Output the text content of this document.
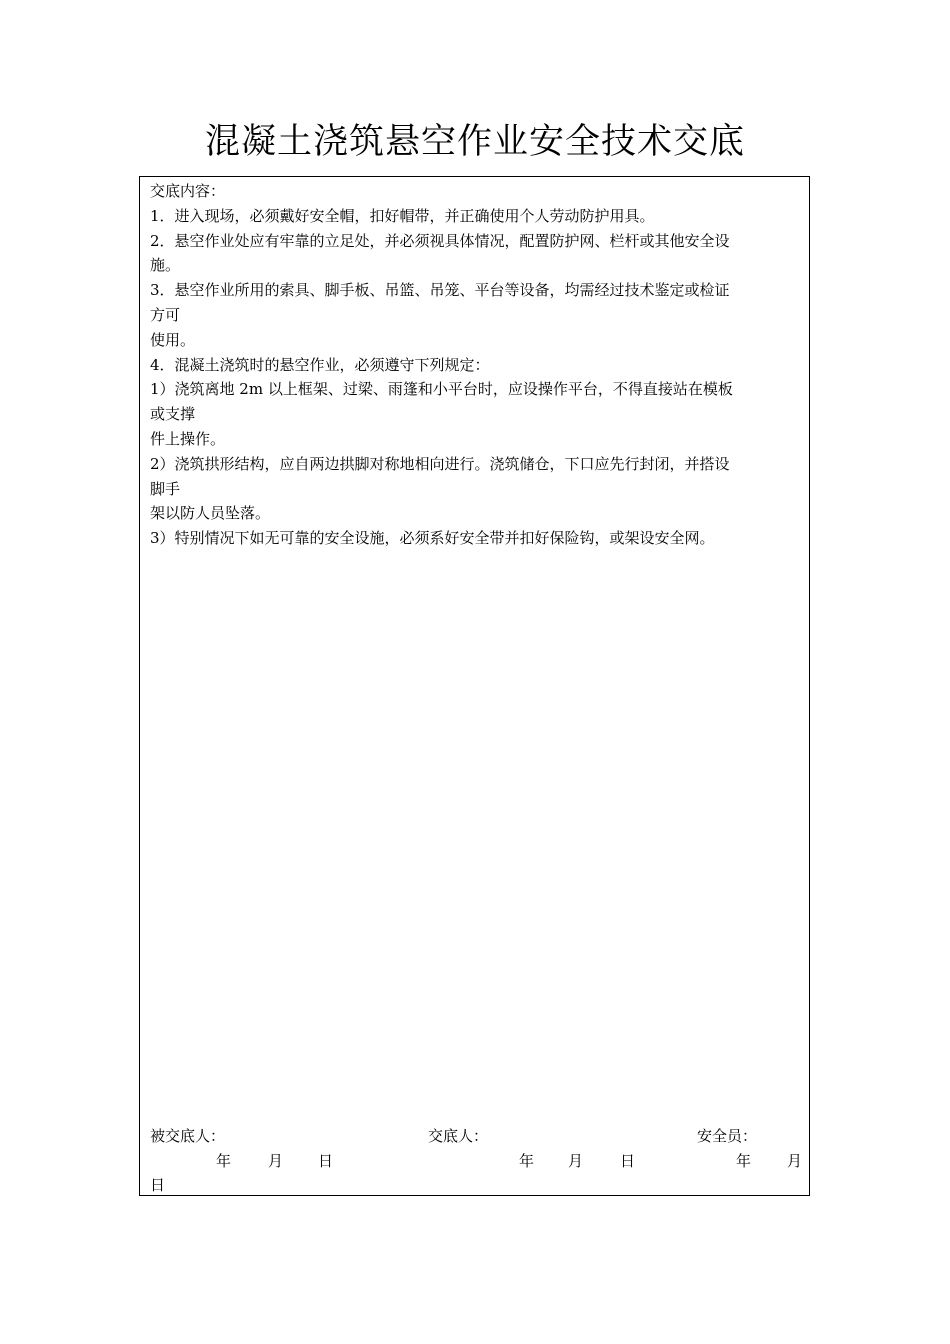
混凝土浇筑悬空作业安全技术交底
交底内容：
1．进入现场，必须戴好安全帽，扣好帽带，并正确使用个人劳动防护用具。
2．悬空作业处应有牢靠的立足处，并必须视具体情况，配置防护网、栏杆或其他安全设
施。
3．悬空作业所用的索具、脚手板、吊篮、吊笼、平台等设备，均需经过技术鉴定或检证
方可
使用。
4．混凝土浇筑时的悬空作业，必须遵守下列规定：
1）浇筑离地 2m 以上框架、过梁、雨篷和小平台时，应设操作平台，不得直接站在模板
或支撑
件上操作。
2）浇筑拱形结构，应自两边拱脚对称地相向进行。浇筑储仓，下口应先行封闭，并搭设
脚手
架以防人员坠落。
3）特别情况下如无可靠的安全设施，必须系好安全带并扣好保险钩，或架设安全网。
被交底人：	交底人：	安全员：
年 月 日	年 月 日	年 月
日
